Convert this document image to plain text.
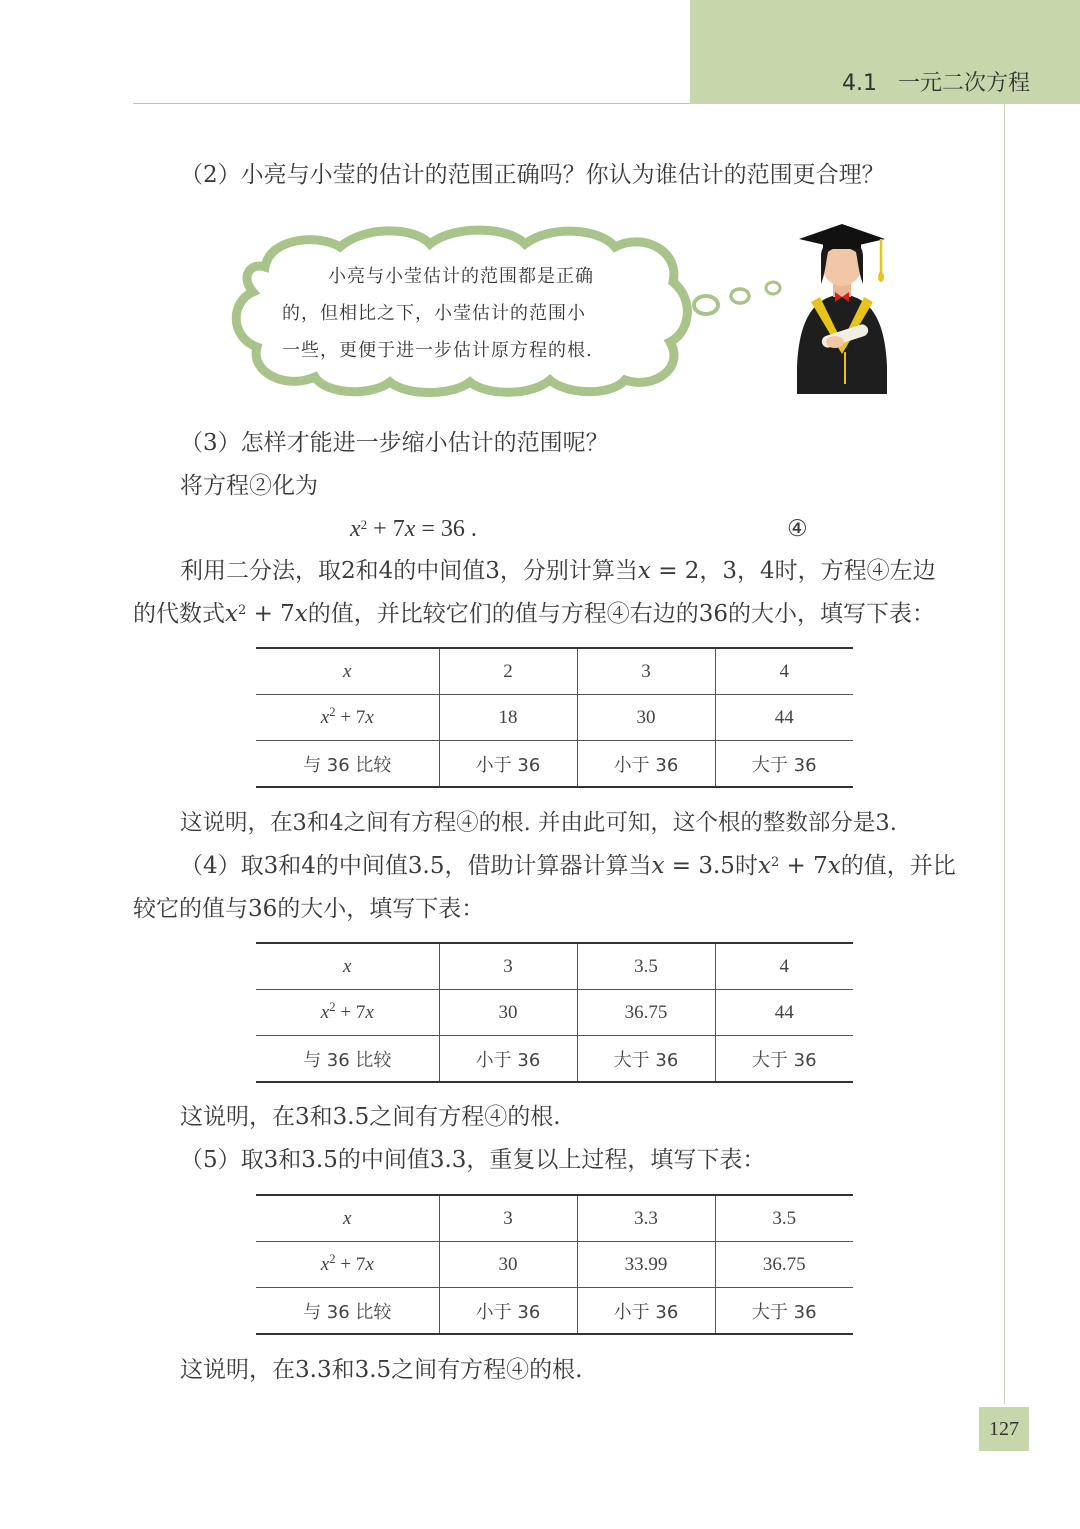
4.1 一元二次方程
（2）小亮与小莹的估计的范围正确吗？你认为谁估计的范围更合理？
小亮与小莹估计的范围都是正确
的，但相比之下，小莹估计的范围小
一些，更便于进一步估计原方程的根.
（3）怎样才能进一步缩小估计的范围呢？
将方程②化为
$x^2 + 7x = 36$ .	④
利用二分法，取2和4的中间值3，分别计算当x = 2，3，4时，方程④左边
的代数式$x^2 + 7x$的值，并比较它们的值与方程④右边的36的大小，填写下表：
x	2	3	4
$x^2 + 7x$	18	30	44
与 36 比较	小于 36	小于 36	大于 36
这说明，在3和4之间有方程④的根. 并由此可知，这个根的整数部分是3.
（4）取3和4的中间值3.5，借助计算器计算当x = 3.5时$x^2 + 7x$的值，并比
较它的值与36的大小，填写下表：
x	3	3.5	4
$x^2 + 7x$	30	36.75	44
与 36 比较	小于 36	大于 36	大于 36
这说明，在3和3.5之间有方程④的根.
（5）取3和3.5的中间值3.3，重复以上过程，填写下表：
x	3	3.3	3.5
$x^2 + 7x$	30	33.99	36.75
与 36 比较	小于 36	小于 36	大于 36
这说明，在3.3和3.5之间有方程④的根.
127
